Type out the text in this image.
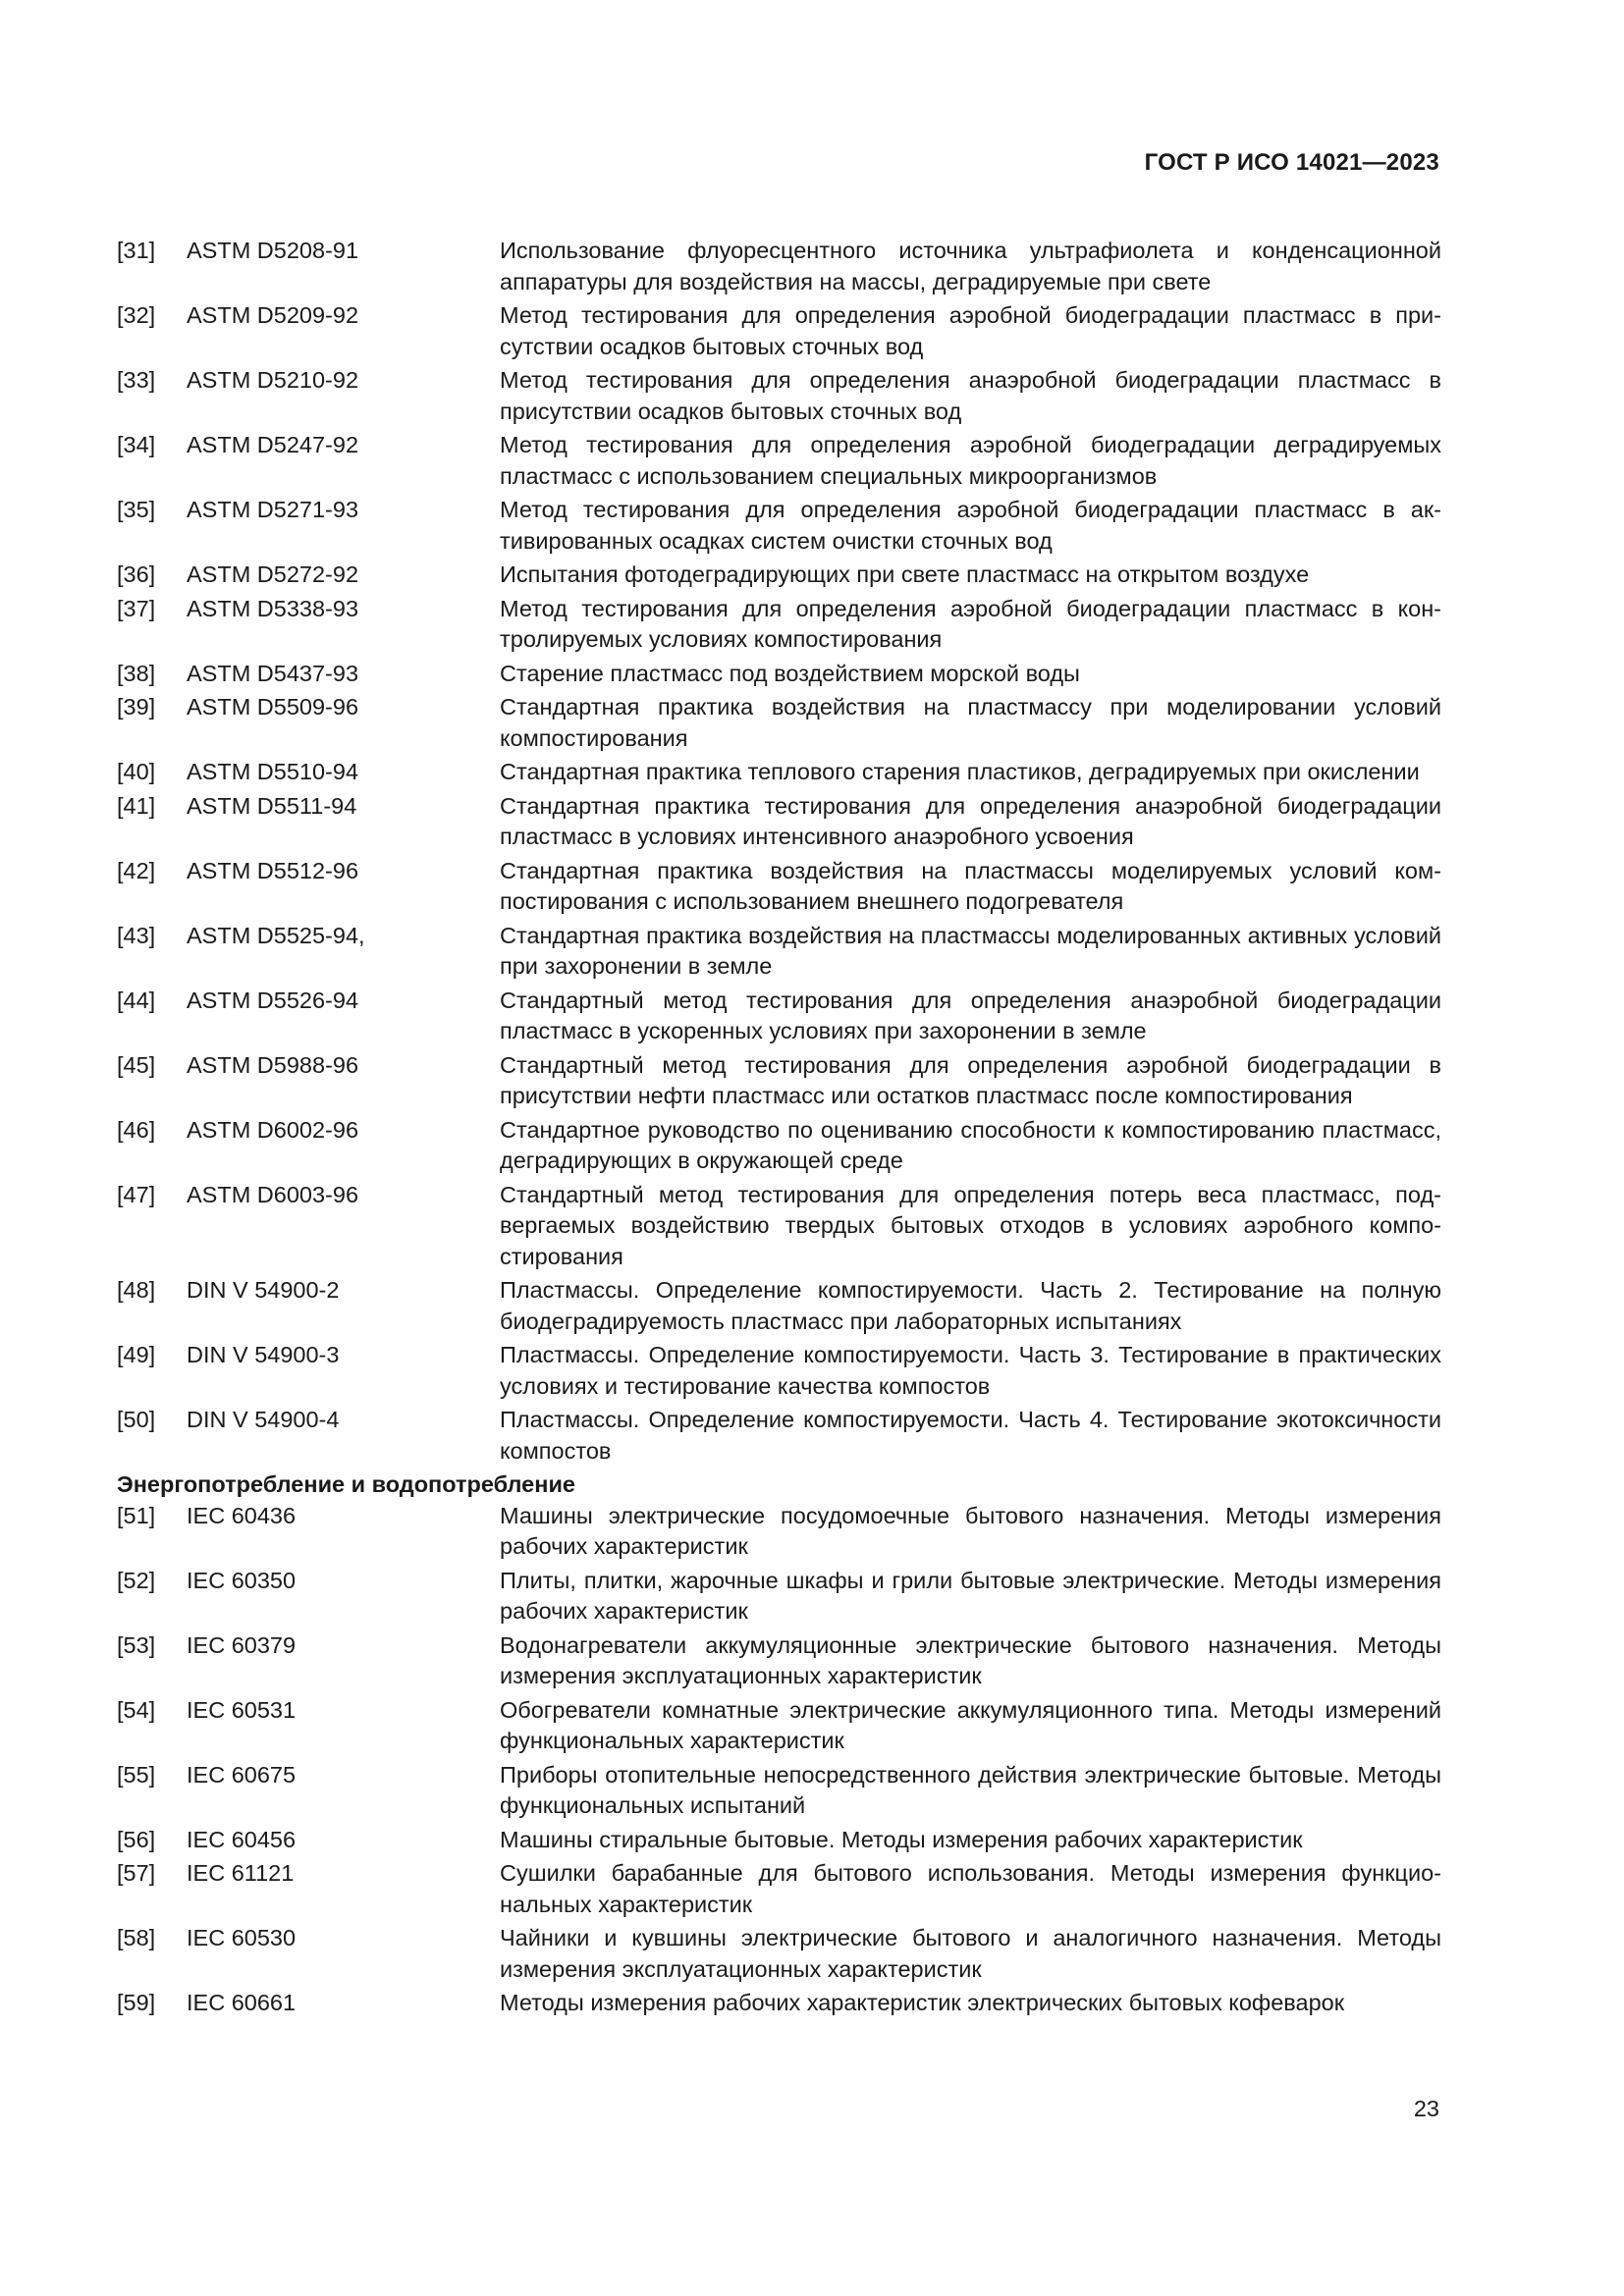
ГОСТ Р ИСО 14021—2023
[31] ASTM D5208-91	Использование флуоресцентного источника ультрафиолета и конденсационной аппаратуры для воздействия на массы, деградируемые при свете
[32] ASTM D5209-92	Метод тестирования для определения аэробной биодеградации пластмасс в присутствии осадков бытовых сточных вод
[33] ASTM D5210-92	Метод тестирования для определения анаэробной биодеградации пластмасс в присутствии осадков бытовых сточных вод
[34] ASTM D5247-92	Метод тестирования для определения аэробной биодеградации деградируемых пластмасс с использованием специальных микроорганизмов
[35] ASTM D5271-93	Метод тестирования для определения аэробной биодеградации пластмасс в активированных осадках систем очистки сточных вод
[36] ASTM D5272-92	Испытания фотодеградирующих при свете пластмасс на открытом воздухе
[37] ASTM D5338-93	Метод тестирования для определения аэробной биодеградации пластмасс в контролируемых условиях компостирования
[38] ASTM D5437-93	Старение пластмасс под воздействием морской воды
[39] ASTM D5509-96	Стандартная практика воздействия на пластмассу при моделировании условий компостирования
[40] ASTM D5510-94	Стандартная практика теплового старения пластиков, деградируемых при окислении
[41] ASTM D5511-94	Стандартная практика тестирования для определения анаэробной биодеградации пластмасс в условиях интенсивного анаэробного усвоения
[42] ASTM D5512-96	Стандартная практика воздействия на пластмассы моделируемых условий компостирования с использованием внешнего подогревателя
[43] ASTM D5525-94,	Стандартная практика воздействия на пластмассы моделированных активных условий при захоронении в земле
[44] ASTM D5526-94	Стандартный метод тестирования для определения анаэробной биодеградации пластмасс в ускоренных условиях при захоронении в земле
[45] ASTM D5988-96	Стандартный метод тестирования для определения аэробной биодеградации в присутствии нефти пластмасс или остатков пластмасс после компостирования
[46] ASTM D6002-96	Стандартное руководство по оцениванию способности к компостированию пластмасс, деградирующих в окружающей среде
[47] ASTM D6003-96	Стандартный метод тестирования для определения потерь веса пластмасс, подвергаемых воздействию твердых бытовых отходов в условиях аэробного компостирования
[48] DIN V 54900-2	Пластмассы. Определение компостируемости. Часть 2. Тестирование на полную биодеградируемость пластмасс при лабораторных испытаниях
[49] DIN V 54900-3	Пластмассы. Определение компостируемости. Часть 3. Тестирование в практических условиях и тестирование качества компостов
[50] DIN V 54900-4	Пластмассы. Определение компостируемости. Часть 4. Тестирование экотоксичности компостов
Энергопотребление и водопотребление
[51] IEC 60436	Машины электрические посудомоечные бытового назначения. Методы измерения рабочих характеристик
[52] IEC 60350	Плиты, плитки, жарочные шкафы и грили бытовые электрические. Методы измерения рабочих характеристик
[53] IEC 60379	Водонагреватели аккумуляционные электрические бытового назначения. Методы измерения эксплуатационных характеристик
[54] IEC 60531	Обогреватели комнатные электрические аккумуляционного типа. Методы измерений функциональных характеристик
[55] IEC 60675	Приборы отопительные непосредственного действия электрические бытовые. Методы функциональных испытаний
[56] IEC 60456	Машины стиральные бытовые. Методы измерения рабочих характеристик
[57] IEC 61121	Сушилки барабанные для бытового использования. Методы измерения функциональных характеристик
[58] IEC 60530	Чайники и кувшины электрические бытового и аналогичного назначения. Методы измерения эксплуатационных характеристик
[59] IEC 60661	Методы измерения рабочих характеристик электрических бытовых кофеварок
23
